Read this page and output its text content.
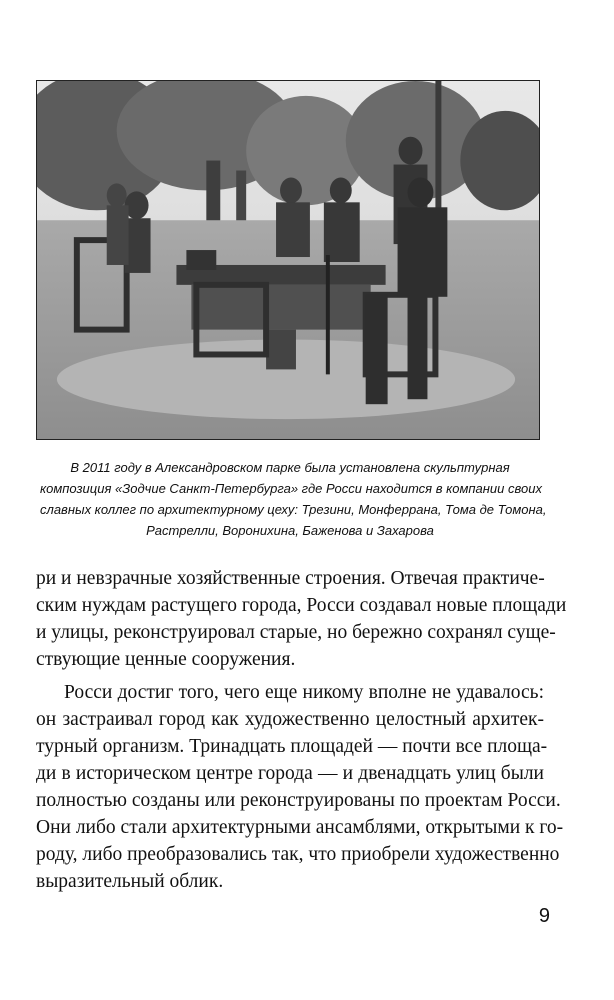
В 2011 году в Александровском парке была установлена скульптурная
композиция «Зодчие Санкт-Петербурга» где Росси находится в компании своих
славных коллег по архитектурному цеху: Трезини, Монферрана, Тома де Томона,
Растрелли, Воронихина, Баженова и Захарова
ри и невзрачные хозяйственные строения. Отвечая практиче-
ским нуждам растущего города, Росси создавал новые площади
и улицы, реконструировал старые, но бережно сохранял суще-
ствующие ценные сооружения.
Росси достиг того, чего еще никому вполне не удавалось:
он застраивал город как художественно целостный архитек-
турный организм. Тринадцать площадей — почти все площа-
ди в историческом центре города — и двенадцать улиц были
полностью созданы или реконструированы по проектам Росси.
Они либо стали архитектурными ансамблями, открытыми к го-
роду, либо преобразовались так, что приобрели художественно
выразительный облик.
9
